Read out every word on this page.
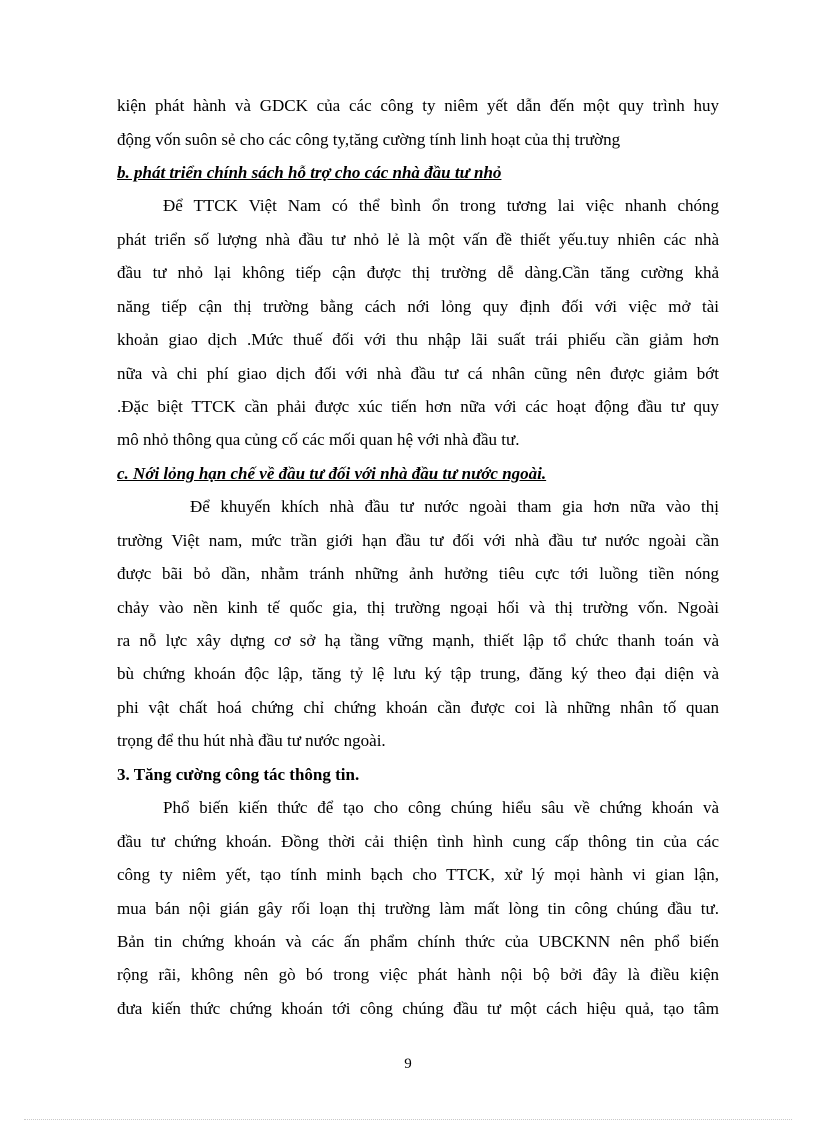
kiện phát hành và GDCK của các công ty niêm yết dẫn đến một quy trình huy
động vốn suôn sẻ cho các công ty,tăng cường tính linh hoạt của thị trường
b. phát triển chính sách hỗ trợ cho các nhà đầu tư nhỏ
Để TTCK Việt Nam có thể bình ổn trong tương lai việc nhanh chóng
phát triển số lượng nhà đầu tư nhỏ lẻ là một vấn đề thiết yếu.tuy nhiên các nhà
đầu tư nhỏ lại không tiếp cận được thị trường dễ dàng.Cần tăng cường khả
năng tiếp cận thị trường bằng cách nới lỏng quy định đối với việc mở tài
khoản giao dịch .Mức thuế đối với thu nhập lãi suất trái phiếu cần giảm hơn
nữa và chi phí giao dịch đối với nhà đầu tư cá nhân cũng nên được giảm bớt
.Đặc biệt TTCK cần phải được xúc tiến hơn nữa với các hoạt động đầu tư quy
mô nhỏ thông qua củng cố các mối quan hệ với nhà đầu tư.
c. Nới lỏng hạn chế về đầu tư đối với nhà đầu tư nước ngoài.
Để khuyến khích nhà đầu tư nước ngoài tham gia hơn nữa vào thị
trường Việt nam, mức trần giới hạn đầu tư đối với nhà đầu tư nước ngoài cần
được bãi bỏ dần, nhằm tránh những ảnh hưởng tiêu cực tới luồng tiền nóng
chảy vào nền kinh tế quốc gia, thị trường ngoại hối và thị trường vốn. Ngoài
ra nỗ lực xây dựng cơ sở hạ tầng vững mạnh, thiết lập tổ chức thanh toán và
bù chứng khoán độc lập, tăng tỷ lệ lưu ký tập trung, đăng ký theo đại diện và
phi vật chất hoá chứng chỉ chứng khoán cần được coi là những nhân tố quan
trọng để thu hút nhà đầu tư nước ngoài.
3. Tăng cường công tác thông tin.
Phổ biến kiến thức để tạo cho công chúng hiểu sâu về chứng khoán và
đầu tư chứng khoán. Đồng thời cải thiện tình hình cung cấp thông tin của các
công ty niêm yết, tạo tính minh bạch cho TTCK, xử lý mọi hành vi gian lận,
mua bán nội gián gây rối loạn thị trường làm mất lòng tin công chúng đầu tư.
Bản tin chứng khoán và các ấn phẩm chính thức của UBCKNN nên phổ biến
rộng rãi, không nên gò bó trong việc phát hành nội bộ bởi đây là điều kiện
đưa kiến thức chứng khoán tới công chúng đầu tư một cách hiệu quả, tạo tâm
9
